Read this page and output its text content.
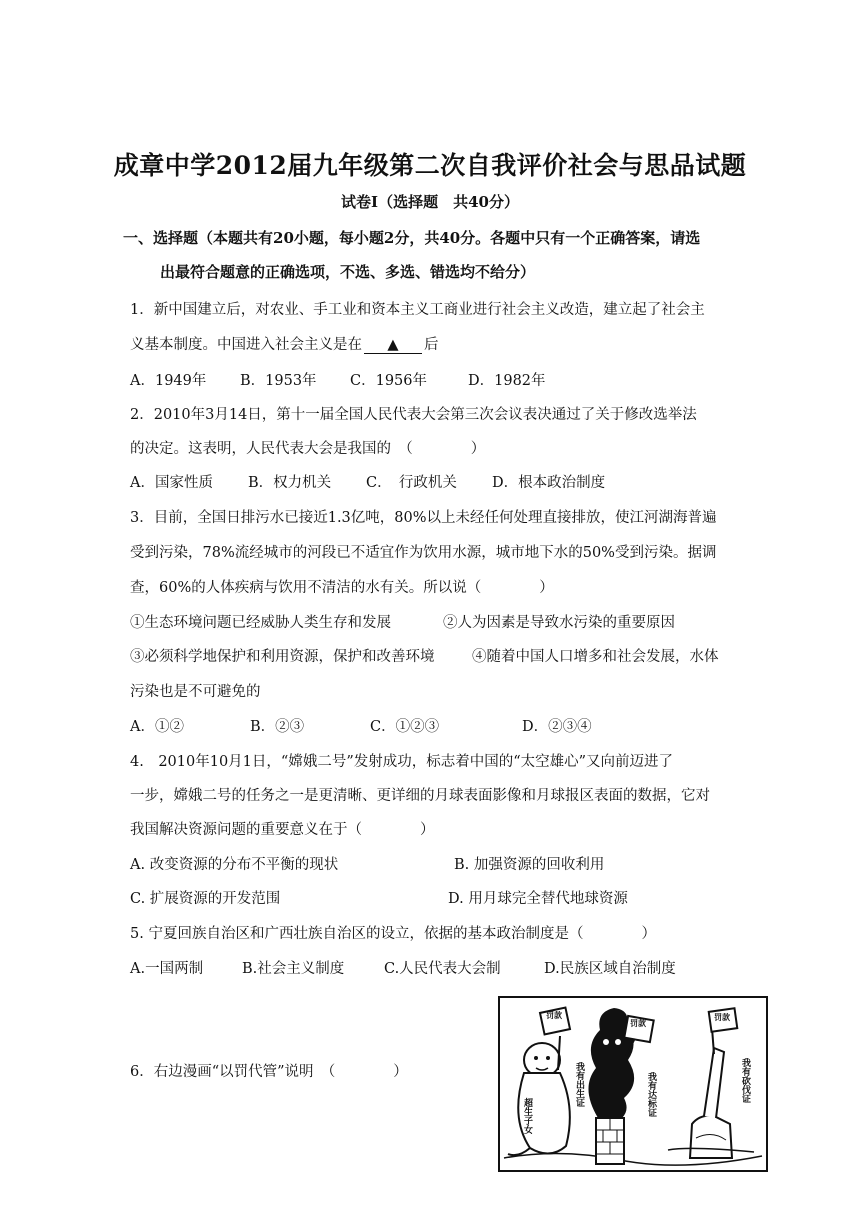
成章中学2012届九年级第二次自我评价社会与思品试题
试卷Ⅰ（选择题　共40分）
一、选择题（本题共有20小题，每小题2分，共40分。各题中只有一个正确答案，请选
出最符合题意的正确选项，不选、多选、错选均不给分）
1．新中国建立后，对农业、手工业和资本主义工商业进行社会主义改造，建立起了社会主
义基本制度。中国进入社会主义是在 ▲ 后
A．1949年 B．1953年 C．1956年	D．1982年
2．2010年3月14日，第十一届全国人民代表大会第三次会议表决通过了关于修改选举法
的决定。这表明，人民代表大会是我国的　（　　　　）
A．国家性质 B．权力机关 C．　行政机关 D．根本政治制度
3．目前，全国日排污水已接近1.3亿吨，80%以上未经任何处理直接排放，使江河湖海普遍
受到污染，78%流经城市的河段已不适宜作为饮用水源，城市地下水的50%受到污染。据调
查，60%的人体疾病与饮用不清洁的水有关。所以说（　　　　）
①生态环境问题已经威胁人类生存和发展	②人为因素是导致水污染的重要原因
③必须科学地保护和利用资源，保护和改善环境	④随着中国人口增多和社会发展，水体
污染也是不可避免的
A．①②	B．②③	C．①②③	D．②③④
4.　2010年10月1日，“嫦娥二号”发射成功，标志着中国的“太空雄心”又向前迈进了
一步，嫦娥二号的任务之一是更清晰、更详细的月球表面影像和月球报区表面的数据，它对
我国解决资源问题的重要意义在于（　　　　）
A. 改变资源的分布不平衡的现状	B. 加强资源的回收利用
C. 扩展资源的开发范围	D. 用月球完全替代地球资源
5. 宁夏回族自治区和广西壮族自治区的设立，依据的基本政治制度是（　　　　）
A.一国两制	B.社会主义制度	C.人民代表大会制	D.民族区域自治制度
6．右边漫画“以罚代管”说明　（　　　　）
罚款
罚款
罚款
我有出生证	我有达标证	我有砍伐证
超生子女
